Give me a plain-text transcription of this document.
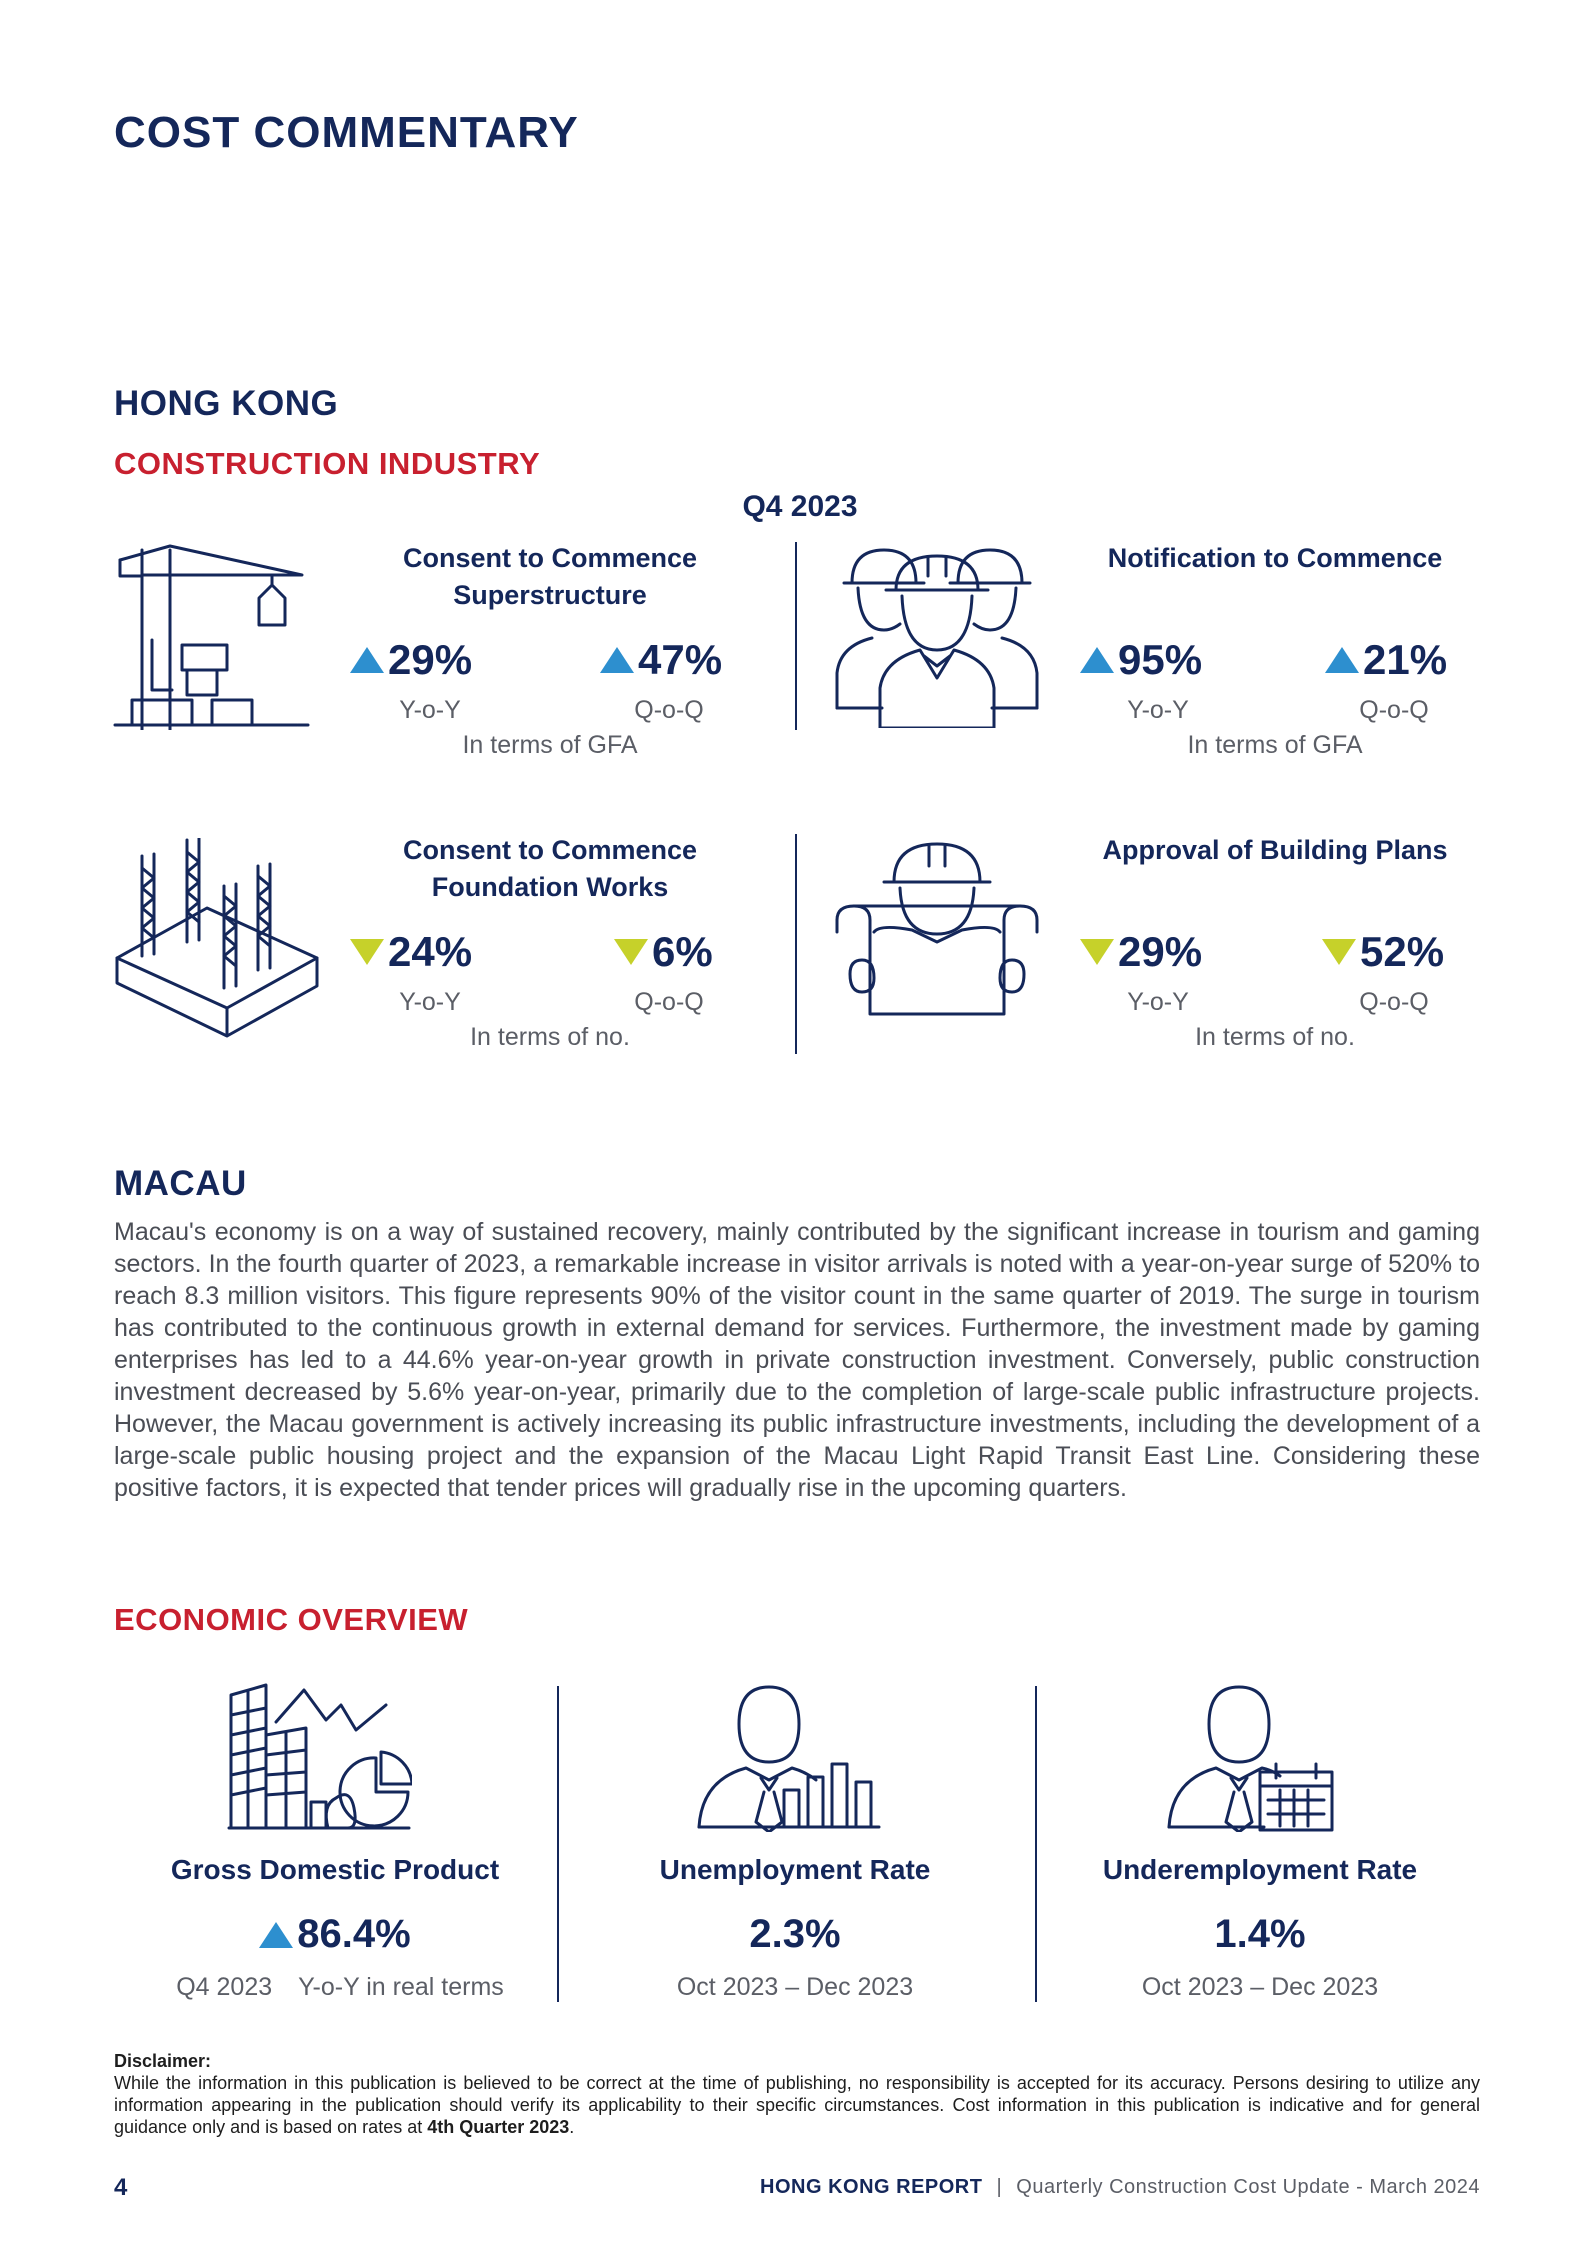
COST COMMENTARY
HONG KONG
CONSTRUCTION INDUSTRY
Q4 2023
Consent to Commence
Superstructure
29%	47%
Y-o-Y	Q-o-Q
In terms of GFA
Notification to Commence
95%	21%
Y-o-Y	Q-o-Q
In terms of GFA
Consent to Commence
Foundation Works
24%	6%
Y-o-Y	Q-o-Q
In terms of no.
Approval of Building Plans
29%	52%
Y-o-Y	Q-o-Q
In terms of no.
MACAU
Macau's economy is on a way of sustained recovery, mainly contributed by the significant increase in tourism and gaming sectors. In the fourth quarter of 2023, a remarkable increase in visitor arrivals is noted with a year-on-year surge of 520% to reach 8.3 million visitors. This figure represents 90% of the visitor count in the same quarter of 2019. The surge in tourism has contributed to the continuous growth in external demand for services. Furthermore, the investment made by gaming enterprises has led to a 44.6% year-on-year growth in private construction investment. Conversely, public construction investment decreased by 5.6% year-on-year, primarily due to the completion of large-scale public infrastructure projects. However, the Macau government is actively increasing its public infrastructure investments, including the development of a large-scale public housing project and the expansion of the Macau Light Rapid Transit East Line. Considering these positive factors, it is expected that tender prices will gradually rise in the upcoming quarters.
ECONOMIC OVERVIEW
Gross Domestic Product
86.4%
Q4 2023 Y-o-Y in real terms
Unemployment Rate
2.3%
Oct 2023 – Dec 2023
Underemployment Rate
1.4%
Oct 2023 – Dec 2023
Disclaimer:
While the information in this publication is believed to be correct at the time of publishing, no responsibility is accepted for its accuracy. Persons desiring to utilize any information appearing in the publication should verify its applicability to their specific circumstances. Cost information in this publication is indicative and for general guidance only and is based on rates at 4th Quarter 2023.
4	HONG KONG REPORT | Quarterly Construction Cost Update - March 2024
